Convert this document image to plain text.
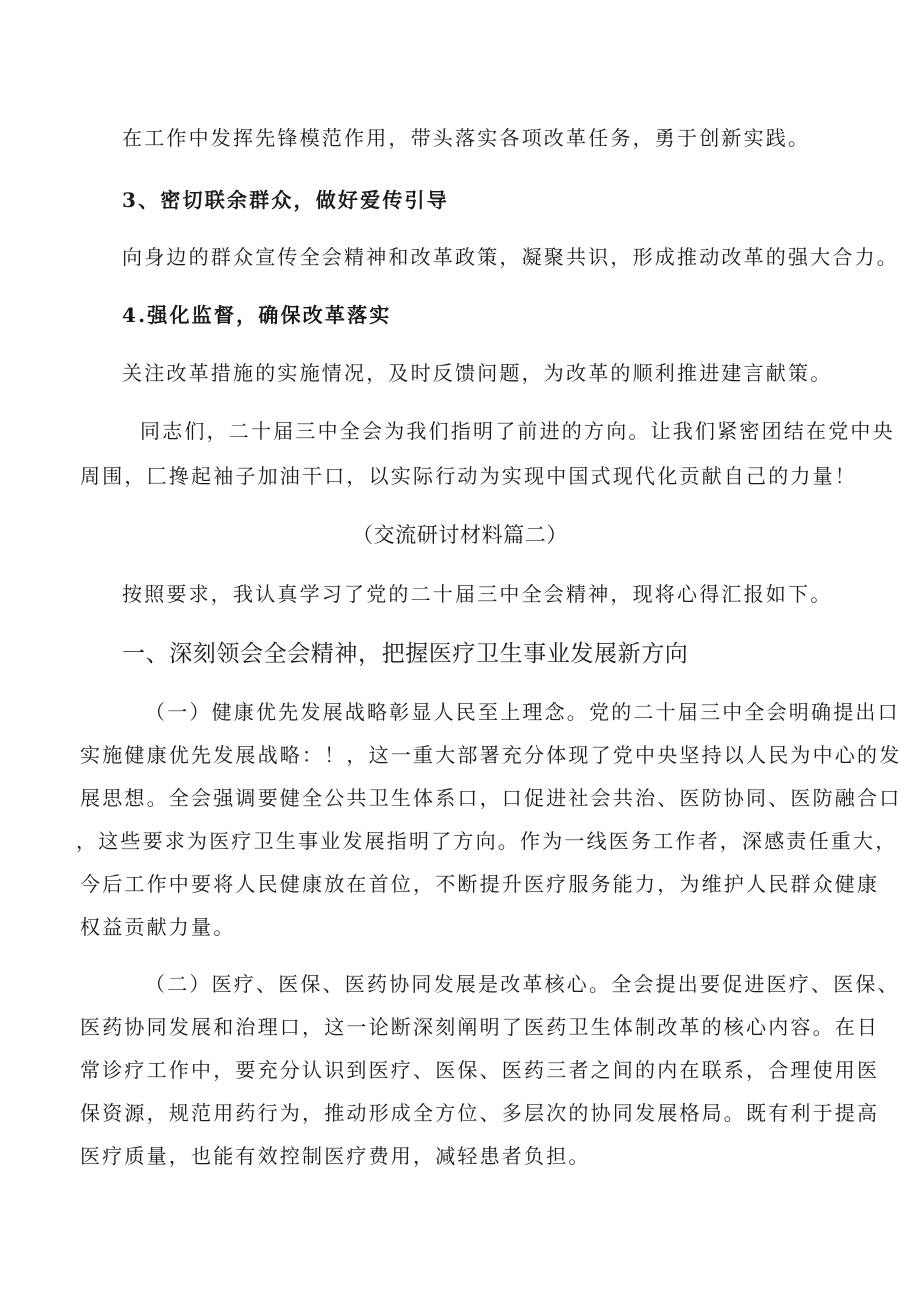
在工作中发挥先锋模范作用，带头落实各项改革任务，勇于创新实践。

3、密切联余群众，做好爱传引导

向身边的群众宣传全会精神和改革政策，凝聚共识，形成推动改革的强大合力。

4.强化监督，确保改革落实

关注改革措施的实施情况，及时反馈问题，为改革的顺利推进建言献策。

同志们，二十届三中全会为我们指明了前进的方向。让我们紧密团结在党中央

周围，匚搀起袖子加油干口，以实际行动为实现中国式现代化贡献自己的力量！

（交流研讨材料篇二）

按照要求，我认真学习了党的二十届三中全会精神，现将心得汇报如下。

一、深刻领会全会精神，把握医疗卫生事业发展新方向

（一）健康优先发展战略彰显人民至上理念。党的二十届三中全会明确提出口

实施健康优先发展战略：！，这一重大部署充分体现了党中央坚持以人民为中心的发

展思想。全会强调要健全公共卫生体系口，口促进社会共治、医防协同、医防融合口

，这些要求为医疗卫生事业发展指明了方向。作为一线医务工作者，深感责任重大，

今后工作中要将人民健康放在首位，不断提升医疗服务能力，为维护人民群众健康

权益贡献力量。

（二）医疗、医保、医药协同发展是改革核心。全会提出要促进医疗、医保、

医药协同发展和治理口，这一论断深刻阐明了医药卫生体制改革的核心内容。在日

常诊疗工作中，要充分认识到医疗、医保、医药三者之间的内在联系，合理使用医

保资源，规范用药行为，推动形成全方位、多层次的协同发展格局。既有利于提高

医疗质量，也能有效控制医疗费用，减轻患者负担。
